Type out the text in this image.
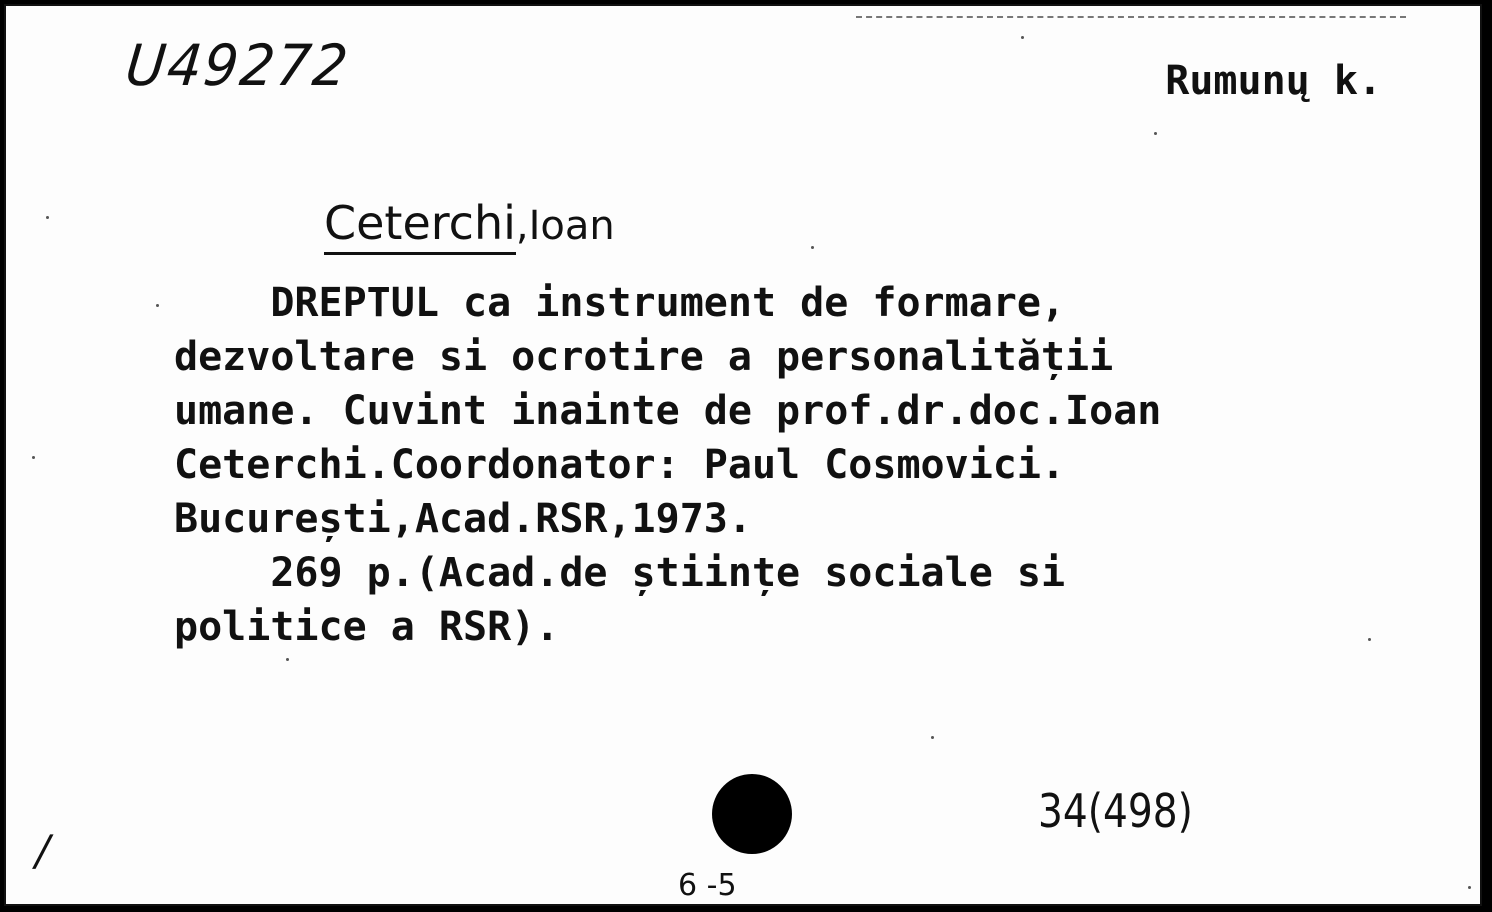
U49272	Rumunų k.
Ceterchi,Ioan
DREPTUL ca instrument de formare,
dezvoltare si ocrotire a personalității
umane. Cuvint inainte de prof.dr.doc.Ioan
Ceterchi.Coordonator: Paul Cosmovici.
București,Acad.RSR,1973.
269 p.(Acad.de științe sociale si
politice a RSR).
34(498)
6 -5
/
